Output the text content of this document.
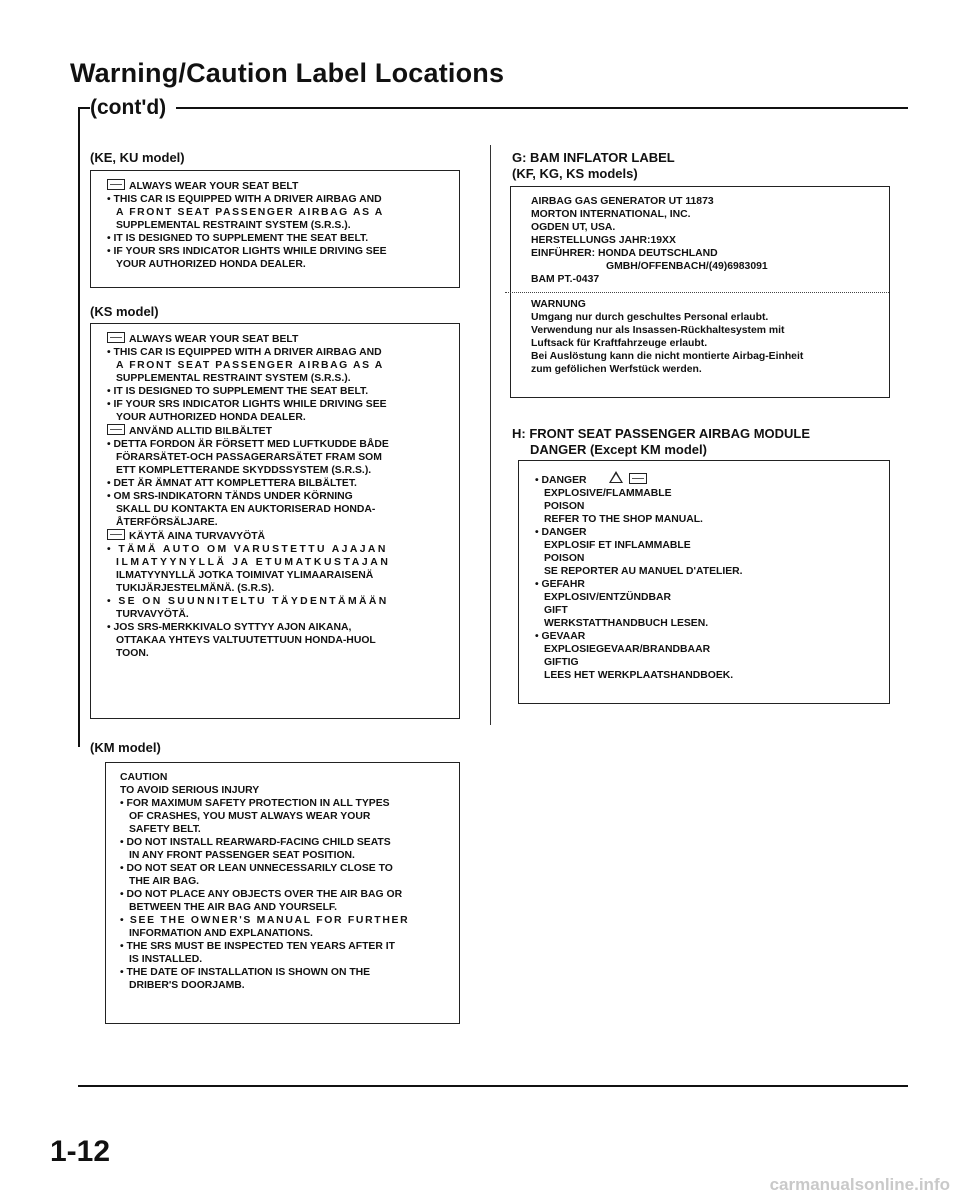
Warning/Caution Label Locations
(cont'd)

(KE, KU model)

ALWAYS WEAR YOUR SEAT BELT
• THIS CAR IS EQUIPPED WITH A DRIVER AIRBAG AND
A FRONT SEAT PASSENGER AIRBAG AS A
SUPPLEMENTAL RESTRAINT SYSTEM (S.R.S.).
• IT IS DESIGNED TO SUPPLEMENT THE SEAT BELT.
• IF YOUR SRS INDICATOR LIGHTS WHILE DRIVING SEE
YOUR AUTHORIZED HONDA DEALER.

(KS model)

ALWAYS WEAR YOUR SEAT BELT
• THIS CAR IS EQUIPPED WITH A DRIVER AIRBAG AND
A FRONT SEAT PASSENGER AIRBAG AS A
SUPPLEMENTAL RESTRAINT SYSTEM (S.R.S.).
• IT IS DESIGNED TO SUPPLEMENT THE SEAT BELT.
• IF YOUR SRS INDICATOR LIGHTS WHILE DRIVING SEE
YOUR AUTHORIZED HONDA DEALER.
ANVÄND ALLTID BILBÄLTET
• DETTA FORDON ÄR FÖRSETT MED LUFTKUDDE BÅDE
FÖRARSÄTET-OCH PASSAGERARSÄTET FRAM SOM
ETT KOMPLETTERANDE SKYDDSSYSTEM (S.R.S.).
• DET ÄR ÄMNAT ATT KOMPLETTERA BILBÄLTET.
• OM SRS-INDIKATORN TÄNDS UNDER KÖRNING
SKALL DU KONTAKTA EN AUKTORISERAD HONDA-
ÅTERFÖRSÄLJARE.
KÄYTÄ AINA TURVAVYÖTÄ
• TÄMÄ AUTO OM VARUSTETTU AJAJAN
ILMATYYNYLLÄ JA ETUMATKUSTAJAN
ILMATYYNYLLÄ JOTKA TOIMIVAT YLIMAARAISENÄ
TUKIJÄRJESTELMÄNÄ. (S.R.S).
• SE ON SUUNNITELTU TÄYDENTÄMÄÄN
TURVAVYÖTÄ.
• JOS SRS-MERKKIVALO SYTTYY AJON AIKANA,
OTTAKAA YHTEYS VALTUUTETTUUN HONDA-HUOL
TOON.

(KM model)

CAUTION
TO AVOID SERIOUS INJURY
• FOR MAXIMUM SAFETY PROTECTION IN ALL TYPES
OF CRASHES, YOU MUST ALWAYS WEAR YOUR
SAFETY BELT.
• DO NOT INSTALL REARWARD-FACING CHILD SEATS
IN ANY FRONT PASSENGER SEAT POSITION.
• DO NOT SEAT OR LEAN UNNECESSARILY CLOSE TO
THE AIR BAG.
• DO NOT PLACE ANY OBJECTS OVER THE AIR BAG OR
BETWEEN THE AIR BAG AND YOURSELF.
• SEE THE OWNER'S MANUAL FOR FURTHER
INFORMATION AND EXPLANATIONS.
• THE SRS MUST BE INSPECTED TEN YEARS AFTER IT
IS INSTALLED.
• THE DATE OF INSTALLATION IS SHOWN ON THE
DRIBER'S DOORJAMB.

G: BAM INFLATOR LABEL

(KF, KG, KS models)

AIRBAG GAS GENERATOR UT 11873
MORTON INTERNATIONAL, INC.
OGDEN UT, USA.
HERSTELLUNGS JAHR:19XX
EINFÜHRER: HONDA DEUTSCHLAND
GMBH/OFFENBACH/(49)6983091
BAM PT.-0437
WARNUNG
Umgang nur durch geschultes Personal erlaubt.
Verwendung nur als Insassen-Rückhaltesystem mit
Luftsack für Kraftfahrzeuge erlaubt.
Bei Auslöstung kann die nicht montierte Airbag-Einheit
zum gefölichen Werfstück werden.

H: FRONT SEAT PASSENGER AIRBAG MODULE

DANGER (Except KM model)

• DANGER
EXPLOSIVE/FLAMMABLE
POISON
REFER TO THE SHOP MANUAL.
• DANGER
EXPLOSIF ET INFLAMMABLE
POISON
SE REPORTER AU MANUEL D'ATELIER.
• GEFAHR
EXPLOSIV/ENTZÜNDBAR
GIFT
WERKSTATTHANDBUCH LESEN.
• GEVAAR
EXPLOSIEGEVAAR/BRANDBAAR
GIFTIG
LEES HET WERKPLAATSHANDBOEK.

1-12

carmanualsonline.info
